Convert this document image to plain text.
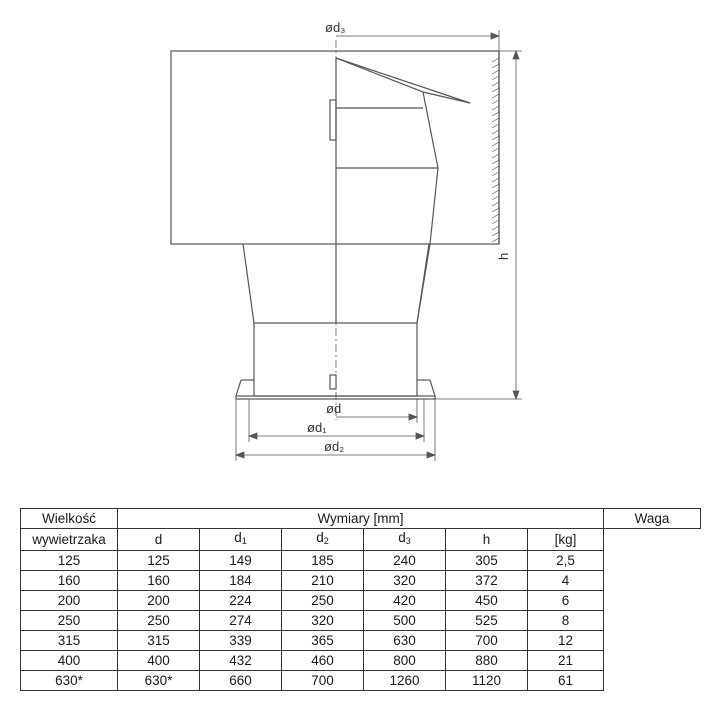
ød₃
h
ød
ød₁
ød₂
Wielkość	Wymiary [mm]						Waga
wywietrzaka	d	$d_1$	$d_2$	$d_3$	h	[kg]	
125	125	149	185	240	305	2,5	
160	160	184	210	320	372	4	
200	200	224	250	420	450	6	
250	250	274	320	500	525	8	
315	315	339	365	630	700	12	
400	400	432	460	800	880	21	
630*	630*	660	700	1260	1120	61	
